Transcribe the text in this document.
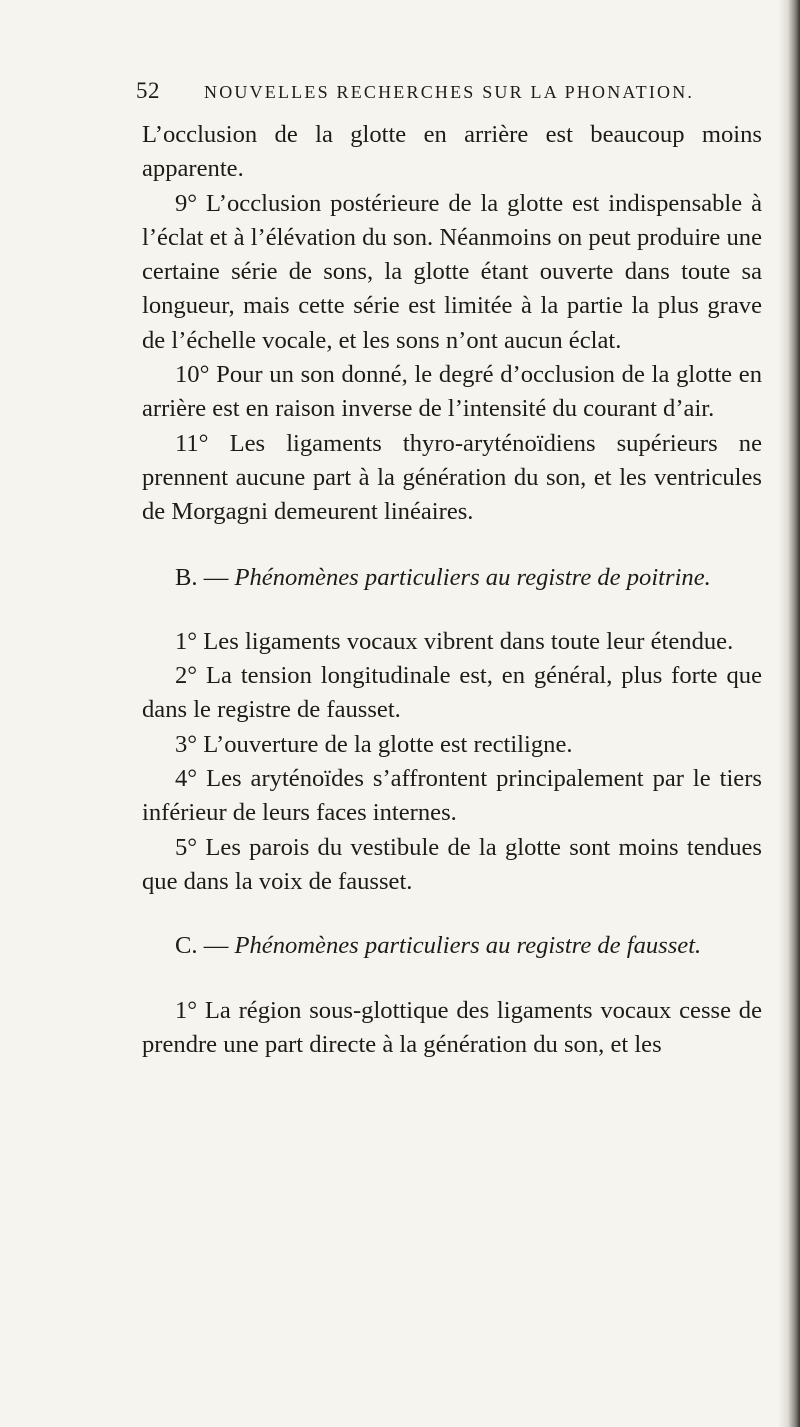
52 NOUVELLES RECHERCHES SUR LA PHONATION.

L’occlusion de la glotte en arrière est beaucoup moins apparente.

9° L’occlusion postérieure de la glotte est indispensable à l’éclat et à l’élévation du son. Néanmoins on peut produire une certaine série de sons, la glotte étant ouverte dans toute sa longueur, mais cette série est limitée à la partie la plus grave de l’échelle vocale, et les sons n’ont aucun éclat.

10° Pour un son donné, le degré d’occlusion de la glotte en arrière est en raison inverse de l’intensité du courant d’air.

11° Les ligaments thyro-aryténoïdiens supérieurs ne prennent aucune part à la génération du son, et les ventricules de Morgagni demeurent linéaires.

B. — Phénomènes particuliers au registre de poitrine.

1° Les ligaments vocaux vibrent dans toute leur étendue.

2° La tension longitudinale est, en général, plus forte que dans le registre de fausset.

3° L’ouverture de la glotte est rectiligne.

4° Les aryténoïdes s’affrontent principalement par le tiers inférieur de leurs faces internes.

5° Les parois du vestibule de la glotte sont moins tendues que dans la voix de fausset.

C. — Phénomènes particuliers au registre de fausset.

1° La région sous-glottique des ligaments vocaux cesse de prendre une part directe à la génération du son, et les
